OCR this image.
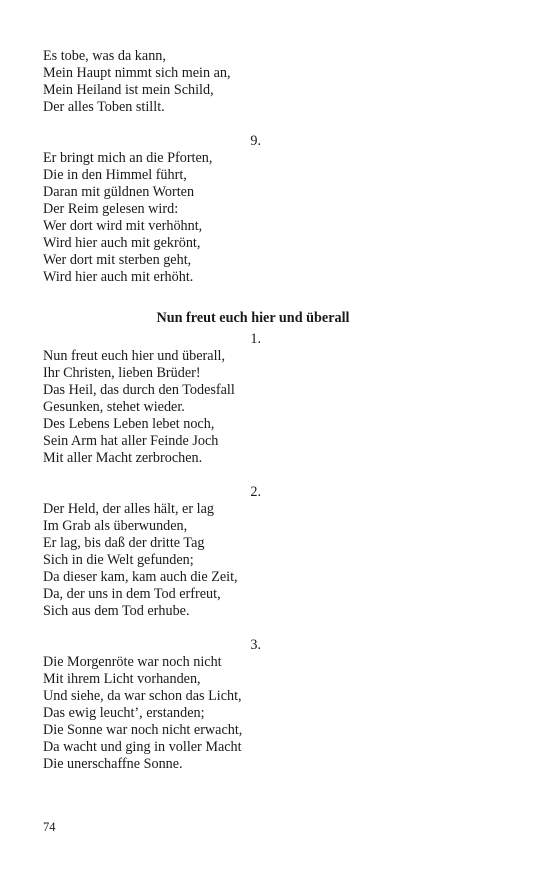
Es tobe, was da kann,
Mein Haupt nimmt sich mein an,
Mein Heiland ist mein Schild,
Der alles Toben stillt.
9.
Er bringt mich an die Pforten,
Die in den Himmel führt,
Daran mit güldnen Worten
Der Reim gelesen wird:
Wer dort wird mit verhöhnt,
Wird hier auch mit gekrönt,
Wer dort mit sterben geht,
Wird hier auch mit erhöht.
Nun freut euch hier und überall
1.
Nun freut euch hier und überall,
Ihr Christen, lieben Brüder!
Das Heil, das durch den Todesfall
Gesunken, stehet wieder.
Des Lebens Leben lebet noch,
Sein Arm hat aller Feinde Joch
Mit aller Macht zerbrochen.
2.
Der Held, der alles hält, er lag
Im Grab als überwunden,
Er lag, bis daß der dritte Tag
Sich in die Welt gefunden;
Da dieser kam, kam auch die Zeit,
Da, der uns in dem Tod erfreut,
Sich aus dem Tod erhube.
3.
Die Morgenröte war noch nicht
Mit ihrem Licht vorhanden,
Und siehe, da war schon das Licht,
Das ewig leucht’, erstanden;
Die Sonne war noch nicht erwacht,
Da wacht und ging in voller Macht
Die unerschaffne Sonne.
74
